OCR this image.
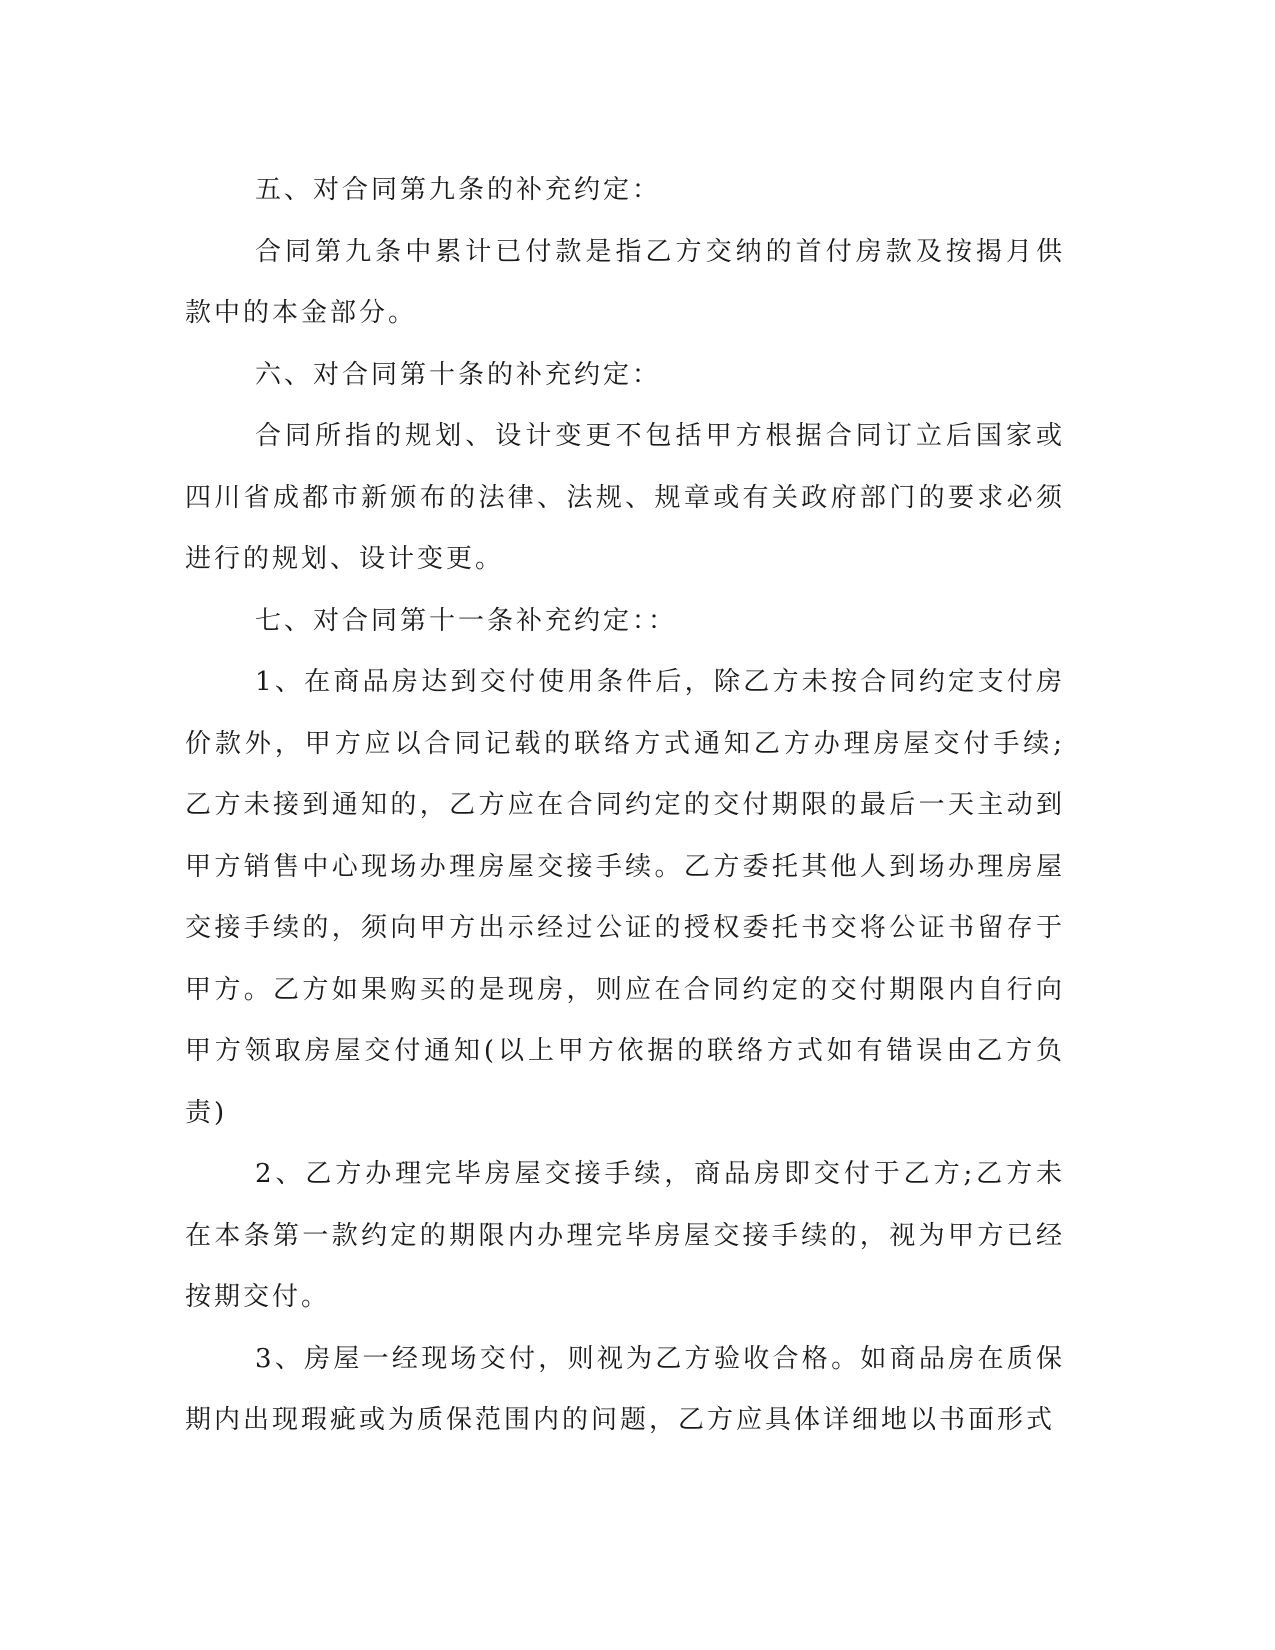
五、对合同第九条的补充约定：

合同第九条中累计已付款是指乙方交纳的首付房款及按揭月供款中的本金部分。

六、对合同第十条的补充约定：

合同所指的规划、设计变更不包括甲方根据合同订立后国家或四川省成都市新颁布的法律、法规、规章或有关政府部门的要求必须进行的规划、设计变更。

七、对合同第十一条补充约定：：

1、在商品房达到交付使用条件后，除乙方未按合同约定支付房价款外，甲方应以合同记载的联络方式通知乙方办理房屋交付手续;乙方未接到通知的，乙方应在合同约定的交付期限的最后一天主动到甲方销售中心现场办理房屋交接手续。乙方委托其他人到场办理房屋交接手续的，须向甲方出示经过公证的授权委托书交将公证书留存于甲方。乙方如果购买的是现房，则应在合同约定的交付期限内自行向甲方领取房屋交付通知(以上甲方依据的联络方式如有错误由乙方负责)

2、乙方办理完毕房屋交接手续，商品房即交付于乙方;乙方未在本条第一款约定的期限内办理完毕房屋交接手续的，视为甲方已经按期交付。

3、房屋一经现场交付，则视为乙方验收合格。如商品房在质保期内出现瑕疵或为质保范围内的问题，乙方应具体详细地以书面形式
